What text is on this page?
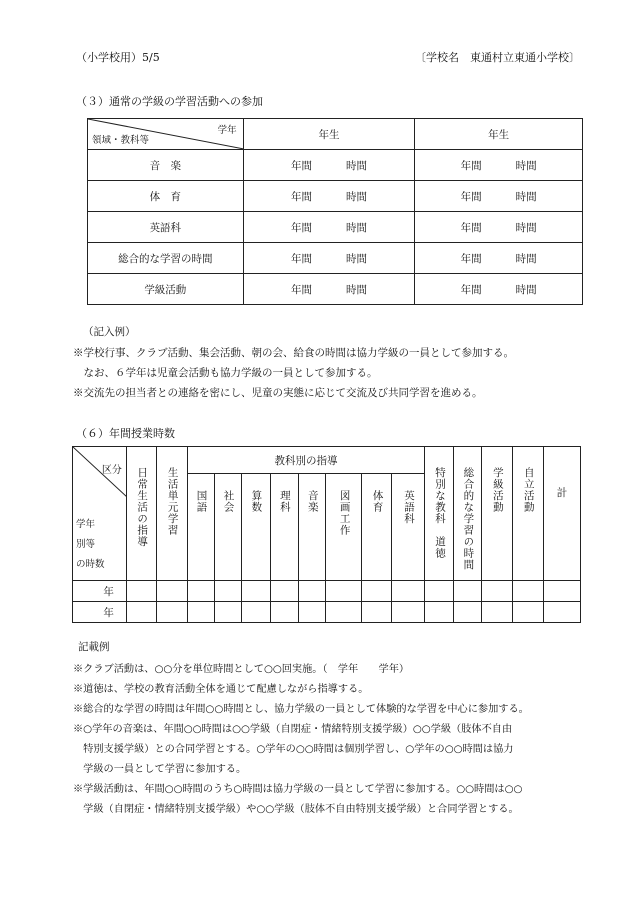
（小学校用）5/5	〔学校名　東通村立東通小学校〕
（３）通常の学級の学習活動への参加
学年
領域・教科等	年生	年生
音　楽	年間 時間	年間 時間

体　育	年間 時間	年間 時間

英語科	年間 時間	年間 時間

総合的な学習の時間	年間 時間	年間 時間

学級活動	年間 時間	年間 時間
（記入例）
※学校行事、クラブ活動、集会活動、朝の会、給食の時間は協力学級の一員として参加する。
　なお、６学年は児童会活動も協力学級の一員として参加する。
※交流先の担当者との連絡を密にし、児童の実態に応じて交流及び共同学習を進める。
（６）年間授業時数
区分
学年
別等
の時数	日常生活の指導	生活単元学習	教科別の指導								特別な教科　道徳	総合的な学習の時間	学級活動	自立活動	計
			国語	社会	算数	理科	音楽	図画工作	体育	英語科					
年															
年															
記載例
※クラブ活動は、○○分を単位時間として○○回実施。（　学年　　学年）
※道徳は、学校の教育活動全体を通じて配慮しながら指導する。
※総合的な学習の時間は年間○○時間とし、協力学級の一員として体験的な学習を中心に参加する。
※○学年の音楽は、年間○○時間は○○学級（自閉症・情緒特別支援学級）○○学級（肢体不自由
　特別支援学級）との合同学習とする。○学年の○○時間は個別学習し、○学年の○○時間は協力
　学級の一員として学習に参加する。
※学級活動は、年間○○時間のうち○時間は協力学級の一員として学習に参加する。○○時間は○○
　学級（自閉症・情緒特別支援学級）や○○学級（肢体不自由特別支援学級）と合同学習とする。
